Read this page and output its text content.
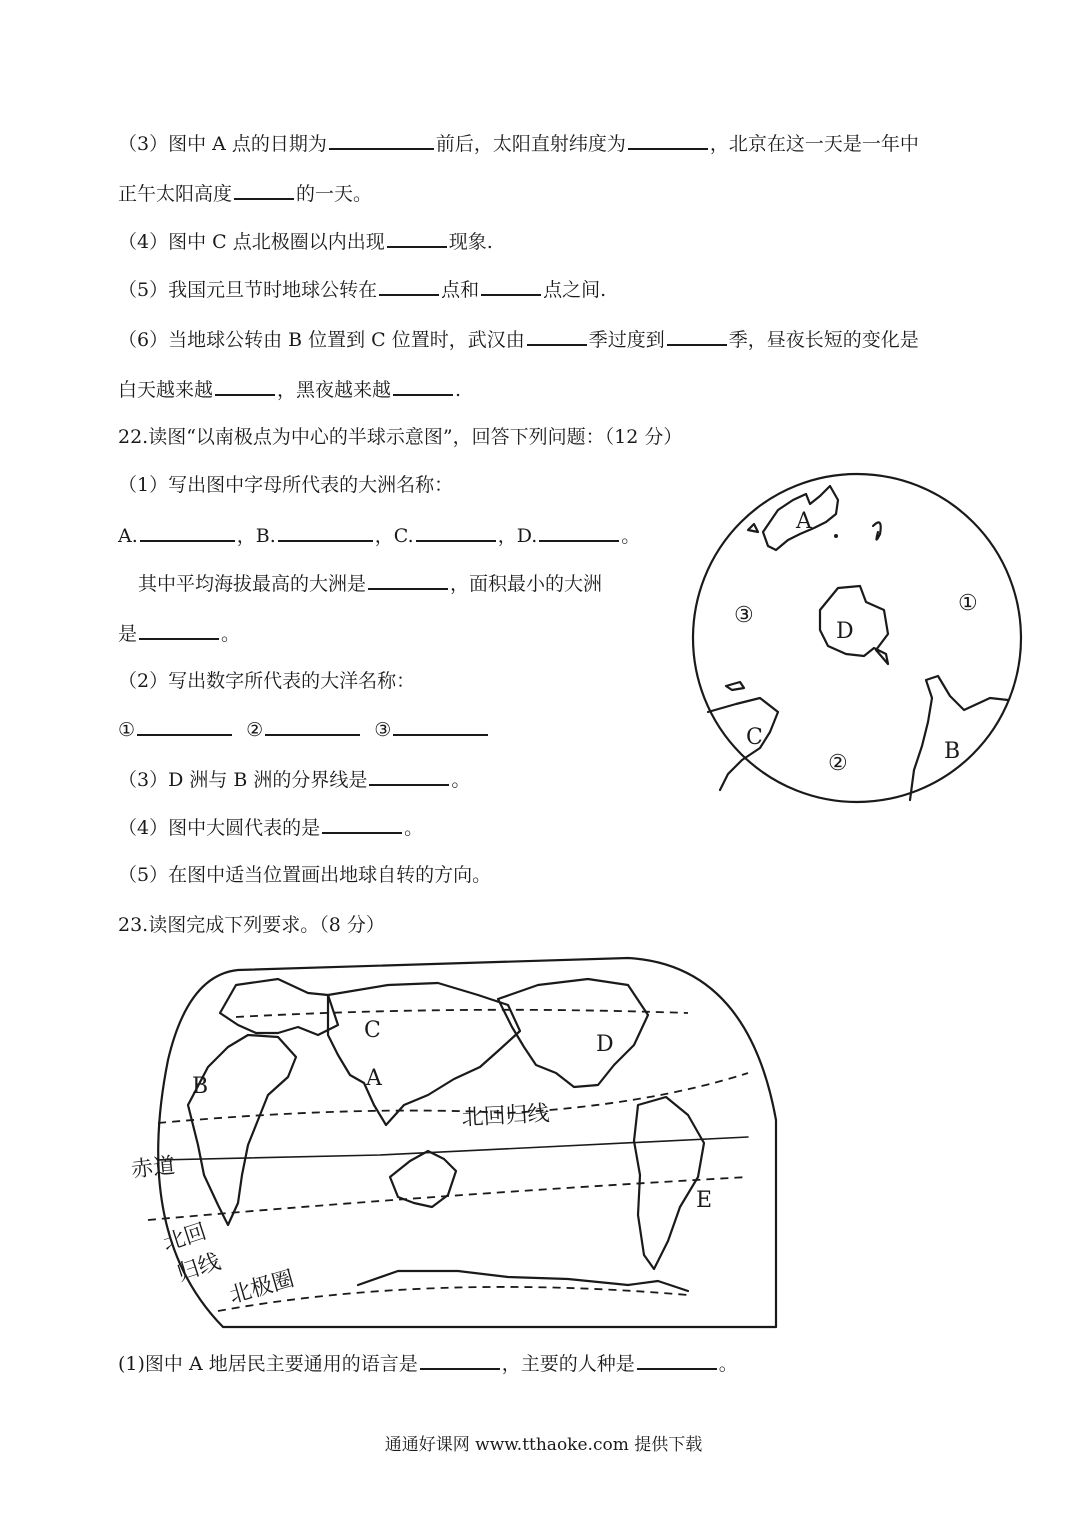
（3）图中 A 点的日期为	前后，太阳直射纬度为	，北京在这一天是一年中
正午太阳高度	的一天。
（4）图中 C 点北极圈以内出现	现象.
（5）我国元旦节时地球公转在	点和	点之间.
（6）当地球公转由 B 位置到 C 位置时，武汉由	季过度到	季，昼夜长短的变化是
白天越来越	，黑夜越来越	.
22.读图“以南极点为中心的半球示意图”，回答下列问题：（12 分）
（1）写出图中字母所代表的大洲名称：
A.	，B.	，C.	，D.	。
其中平均海拔最高的大洲是	，面积最小的大洲
是	。
（2）写出数字所代表的大洋名称：
①	②	③
（3）D 洲与 B 洲的分界线是	。
（4）图中大圆代表的是	。
（5）在图中适当位置画出地球自转的方向。
A
B
C
D
①
②
③
23.读图完成下列要求。（8 分）
A
B
C
D
E
北回归线
赤道
北回
归线 北极圈
(1)图中 A 地居民主要通用的语言是	，主要的人种是	。
通通好课网 www.tthaoke.com 提供下载
